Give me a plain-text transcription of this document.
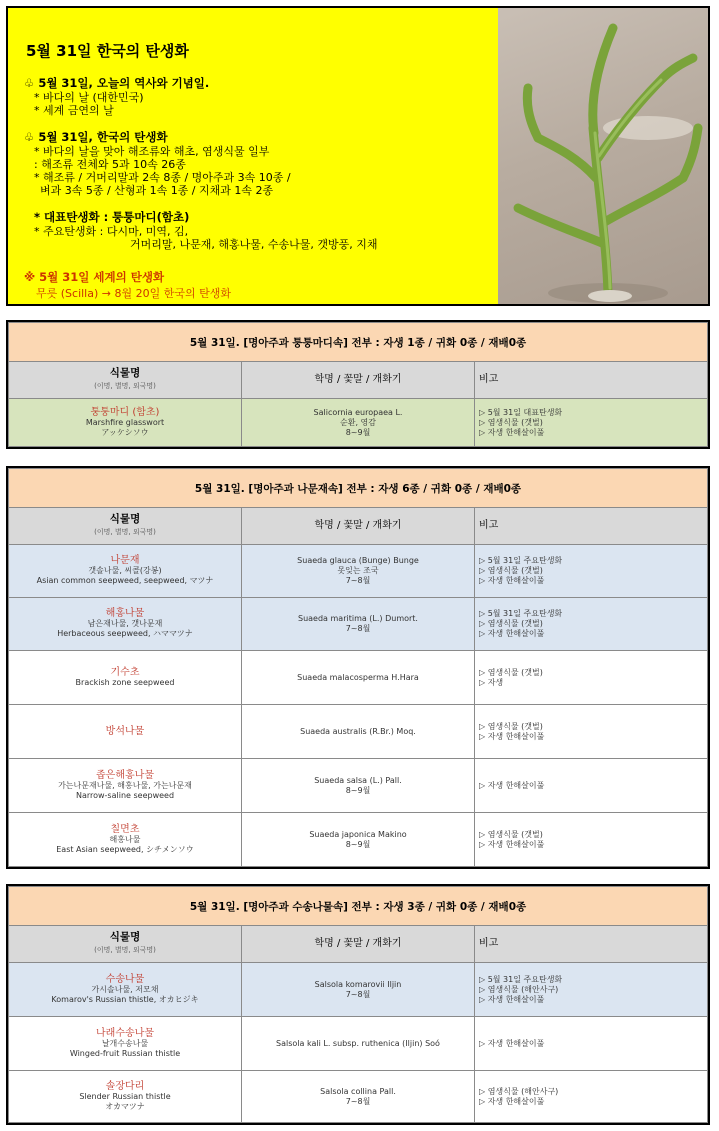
5월 31일 한국의 탄생화
♧ 5월 31일, 오늘의 역사와 기념일.
* 바다의 날 (대한민국)
* 세계 금연의 날
♧ 5월 31일, 한국의 탄생화
* 바다의 날을 맞아 해조류와 해초, 염생식물 일부
: 해조류 전체와 5과 10속 26종
* 해조류 / 거머리말과 2속 8종 / 명아주과 3속 10종 /
벼과 3속 5종 / 산형과 1속 1종 / 지채과 1속 2종
* 대표탄생화 : 퉁퉁마디(함초)
* 주요탄생화 : 다시마, 미역, 김,
거머리말, 나문재, 해홍나물, 수송나물, 갯방풍, 지채
※ 5월 31일 세계의 탄생화
무릇 (Scilla) → 8월 20일 한국의 탄생화
5월 31일. [명아주과 퉁퉁마디속] 전부 : 자생 1종 / 귀화 0종 / 재배0종		
식물명
(이명, 별명, 외국명)	학명 / 꽃말 / 개화기	비고

퉁퉁마디 (함초)
Marshfire glasswort
アッケシソウ	Salicornia europaea L.
순환, 영감
8~9월	▷ 5월 31일 대표탄생화
▷ 염생식물 (갯벌)
▷ 자생 한해살이풀
5월 31일. [명아주과 나문재속] 전부 : 자생 6종 / 귀화 0종 / 재배0종		
식물명
(이명, 별명, 외국명)	학명 / 꽃말 / 개화기	비고

나문재
갯솔나물, 씨콜(강봉)
Asian common seepweed, seepweed, マツナ	Suaeda glauca (Bunge) Bunge
못잊는 조국
7~8월	▷ 5월 31일 주요탄생화
▷ 염생식물 (갯벌)
▷ 자생 한해살이풀

해홍나물
남은재나물, 갯나문재
Herbaceous seepweed, ハママツナ	Suaeda maritima (L.) Dumort.
7~8월	▷ 5월 31일 주요탄생화
▷ 염생식물 (갯벌)
▷ 자생 한해살이풀

기수초
Brackish zone seepweed	Suaeda malacosperma H.Hara	▷ 염생식물 (갯벌)
▷ 자생

방석나물	Suaeda australis (R.Br.) Moq.	▷ 염생식물 (갯벌)
▷ 자생 한해살이풀

좁은해홍나물
가는나문재나물, 해홍나물, 가는나문재
Narrow-saline seepweed	Suaeda salsa (L.) Pall.
8~9월	▷ 자생 한해살이풀

칠면초
해홍나물
East Asian seepweed, シチメンソウ	Suaeda japonica Makino
8~9월	▷ 염생식물 (갯벌)
▷ 자생 한해살이풀
5월 31일. [명아주과 수송나물속] 전부 : 자생 3종 / 귀화 0종 / 재배0종		
식물명
(이명, 별명, 외국명)	학명 / 꽃말 / 개화기	비고

수송나물
가시솔나물, 저모채
Komarov's Russian thistle, オカヒジキ	Salsola komarovii Iljin
7~8월	▷ 5월 31일 주요탄생화
▷ 염생식물 (해안사구)
▷ 자생 한해살이풀

나래수송나물
날개수송나물
Winged-fruit Russian thistle	Salsola kali L. subsp. ruthenica (Iljin) Soó	▷ 자생 한해살이풀

솔장다리
Slender Russian thistle
オカマツナ	Salsola collina Pall.
7~8월	▷ 염생식물 (해안사구)
▷ 자생 한해살이풀
